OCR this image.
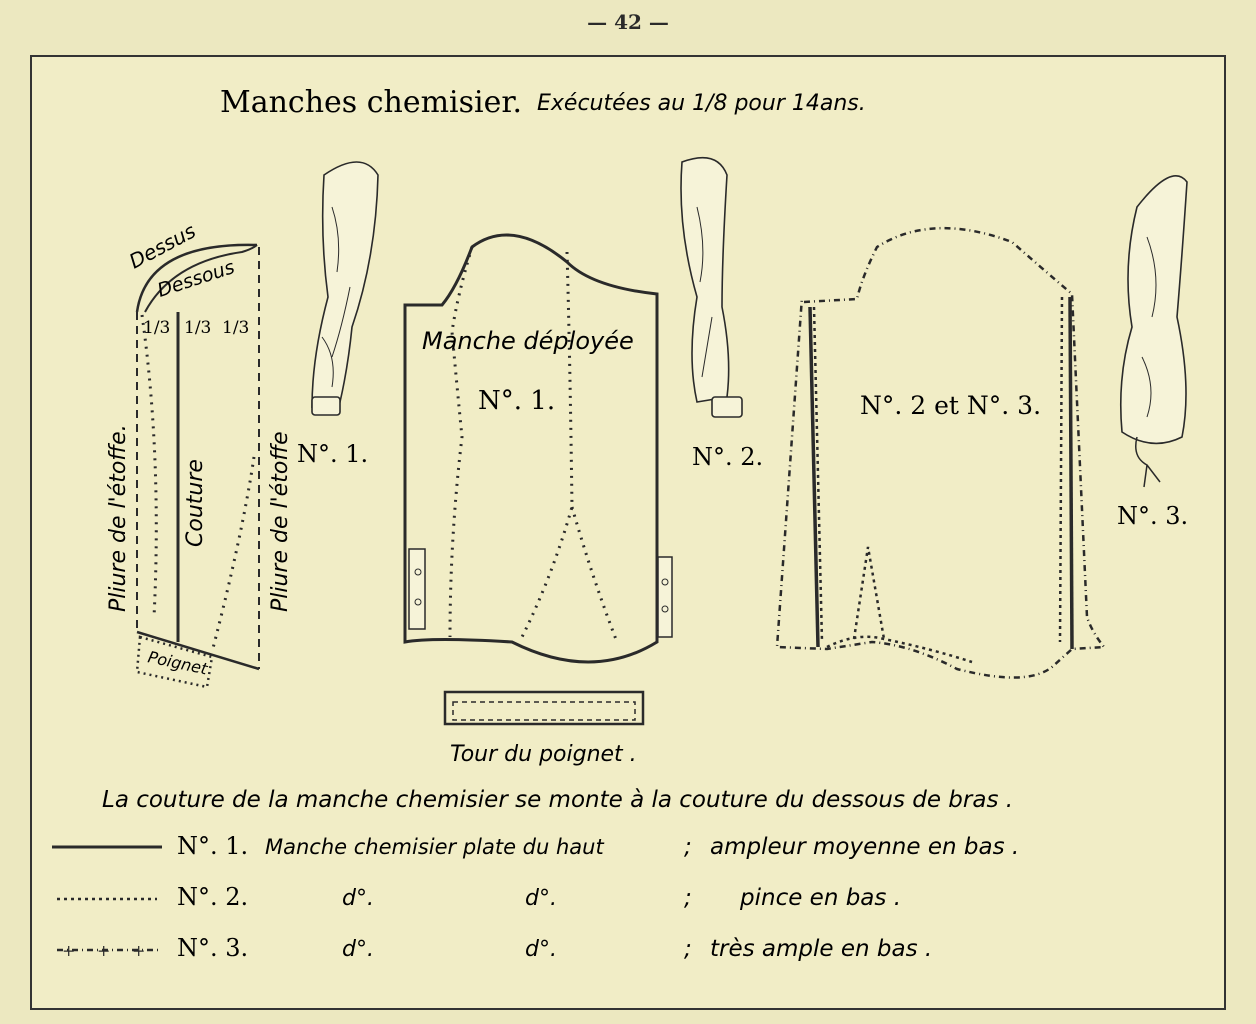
— 42 —
Manches chemisier. Exécutées au 1/8 pour 14ans.
Dessus
Dessous
1/3 1/3 1/3
Pliure de l'étoffe. Couture	Pliure de l'étoffe
Poignet
N°. 1.
Manche déployée
N°. 1.
Tour du poignet .
N°. 2.
N°. 2 et N°. 3.
N°. 3.
La couture de la manche chemisier se monte à la couture du dessous de bras .
+ + +
N°. 1. Manche chemisier plate du haut	; ampleur moyenne en bas .
N°. 2.	d°.	d°.	; pince en bas .
N°. 3.	d°.	d°.	; très ample en bas .
